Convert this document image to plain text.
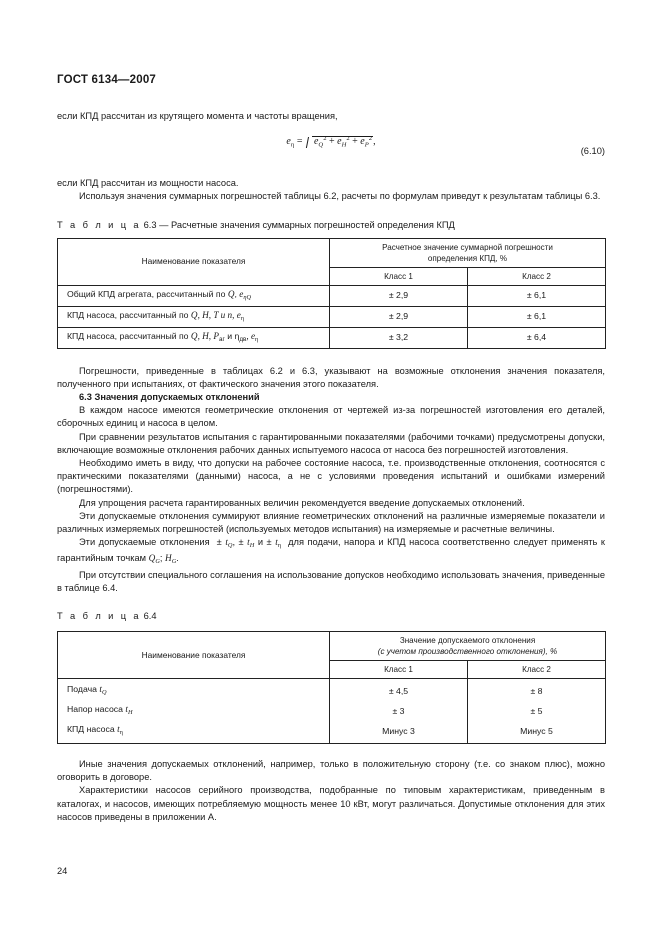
ГОСТ 6134—2007

если КПД рассчитан из крутящего момента и частоты вращения,

$e_\eta = e_Q^2 + e_H^2 + e_P^2$,
(6.10)

если КПД рассчитан из мощности насоса.

Используя значения суммарных погрешностей таблицы 6.2, расчеты по формулам приведут к результатам таблицы 6.3.

Т а б л и ц а 6.3 — Расчетные значения суммарных погрешностей определения КПД

Наименование показателя	Расчетное значение суммарной погрешности
определения КПД, %	
	Класс 1	Класс 2
Общий КПД агрегата, рассчитанный по Q, $e_{\eta Q}$	± 2,9	± 6,1
КПД насоса, рассчитанный по Q, H, T и n, $e_\eta$	± 2,9	± 6,1
КПД насоса, рассчитанный по Q, H, $P_{аг}$ и $\eta_{дв}$, $e_\eta$	± 3,2	± 6,4

Погрешности, приведенные в таблицах 6.2 и 6.3, указывают на возможные отклонения значения показателя, полученного при испытаниях, от фактического значения этого показателя.

6.3 Значения допускаемых отклонений

В каждом насосе имеются геометрические отклонения от чертежей из-за погрешностей изготовления его деталей, сборочных единиц и насоса в целом.

При сравнении результатов испытания с гарантированными показателями (рабочими точками) предусмотрены допуски, включающие возможные отклонения рабочих данных испытуемого насоса от насоса без погрешностей изготовления.

Необходимо иметь в виду, что допуски на рабочее состояние насоса, т.е. производственные отклонения, соотносятся с практическими показателями (данными) насоса, а не с условиями проведения испытаний и ошибками измерений (погрешностями).

Для упрощения расчета гарантированных величин рекомендуется введение допускаемых отклонений.

Эти допускаемые отклонения суммируют влияние геометрических отклонений на различные измеряемые показатели и различных измеряемых погрешностей (используемых методов испытания) на измеряемые и расчетные величины.

Эти допускаемые отклонения  ± $t_Q$, ± $t_H$ $и \pm t_\eta$ для подачи, напора и КПД насоса соответственно следует применять к гарантийным точкам $Q_G$; $H_G$.

При отсутствии специального соглашения на использование допусков необходимо использовать значения, приведенные в таблице 6.4.

Т а б л и ц а 6.4

Наименование показателя	Значение допускаемого отклонения
(с учетом производственного отклонения), %	
	Класс 1	Класс 2
Подача $t_Q$	± 4,5	± 8
Напор насоса $t_H$	± 3	± 5
КПД насоса $t_\eta$	Минус 3	Минус 5

Иные значения допускаемых отклонений, например, только в положительную сторону (т.е. со знаком плюс), можно оговорить в договоре.

Характеристики насосов серийного производства, подобранные по типовым характеристикам, приведенным в каталогах, и насосов, имеющих потребляемую мощность менее 10 кВт, могут различаться. Допустимые отклонения для этих насосов приведены в приложении А.

24
